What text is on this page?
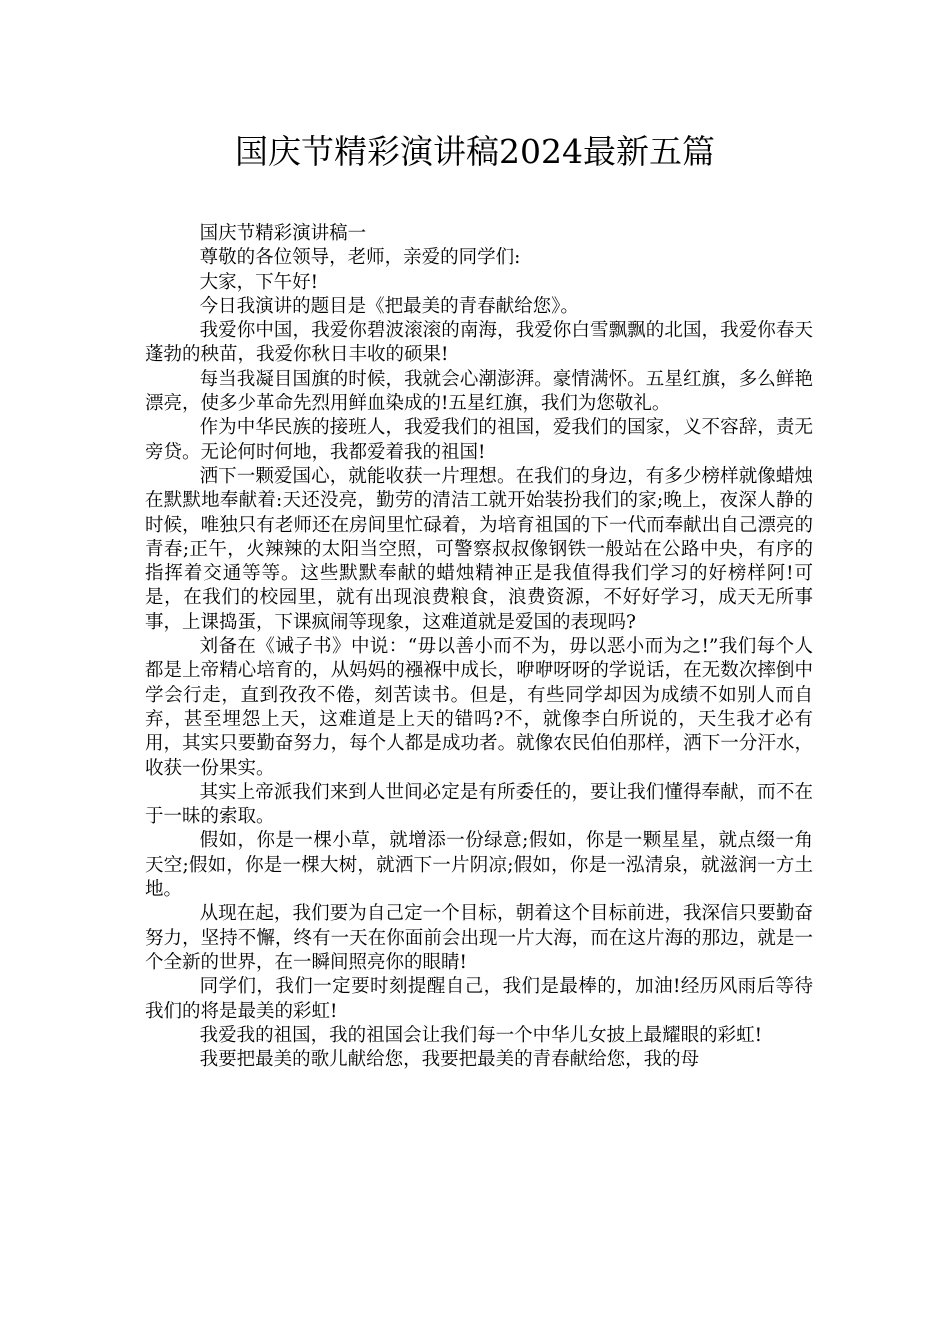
国庆节精彩演讲稿2024最新五篇

国庆节精彩演讲稿一

尊敬的各位领导，老师，亲爱的同学们:

大家，下午好!

今日我演讲的题目是《把最美的青春献给您》。

我爱你中国，我爱你碧波滚滚的南海，我爱你白雪飘飘的北国，我爱你春天蓬勃的秧苗，我爱你秋日丰收的硕果!

每当我凝目国旗的时候，我就会心潮澎湃。豪情满怀。五星红旗，多么鲜艳漂亮，使多少革命先烈用鲜血染成的!五星红旗，我们为您敬礼。

作为中华民族的接班人，我爱我们的祖国，爱我们的国家，义不容辞，责无旁贷。无论何时何地，我都爱着我的祖国!

洒下一颗爱国心，就能收获一片理想。在我们的身边，有多少榜样就像蜡烛在默默地奉献着:天还没亮，勤劳的清洁工就开始装扮我们的家;晚上，夜深人静的时候，唯独只有老师还在房间里忙碌着，为培育祖国的下一代而奉献出自己漂亮的青春;正午，火辣辣的太阳当空照，可警察叔叔像钢铁一般站在公路中央，有序的指挥着交通等等。这些默默奉献的蜡烛精神正是我值得我们学习的好榜样阿!可是，在我们的校园里，就有出现浪费粮食，浪费资源，不好好学习，成天无所事事，上课捣蛋，下课疯闹等现象，这难道就是爱国的表现吗?

刘备在《诫子书》中说：“毋以善小而不为，毋以恶小而为之!”我们每个人都是上帝精心培育的，从妈妈的襁褓中成长，咿咿呀呀的学说话，在无数次摔倒中学会行走，直到孜孜不倦，刻苦读书。但是，有些同学却因为成绩不如别人而自弃，甚至埋怨上天，这难道是上天的错吗?不，就像李白所说的，天生我才必有用，其实只要勤奋努力，每个人都是成功者。就像农民伯伯那样，洒下一分汗水，收获一份果实。

其实上帝派我们来到人世间必定是有所委任的，要让我们懂得奉献，而不在于一昧的索取。

假如，你是一棵小草，就增添一份绿意;假如，你是一颗星星，就点缀一角天空;假如，你是一棵大树，就洒下一片阴凉;假如，你是一泓清泉，就滋润一方土地。

从现在起，我们要为自己定一个目标，朝着这个目标前进，我深信只要勤奋努力，坚持不懈，终有一天在你面前会出现一片大海，而在这片海的那边，就是一个全新的世界，在一瞬间照亮你的眼睛!

同学们，我们一定要时刻提醒自己，我们是最棒的，加油!经历风雨后等待我们的将是最美的彩虹!

我爱我的祖国，我的祖国会让我们每一个中华儿女披上最耀眼的彩虹!

我要把最美的歌儿献给您，我要把最美的青春献给您，我的母
